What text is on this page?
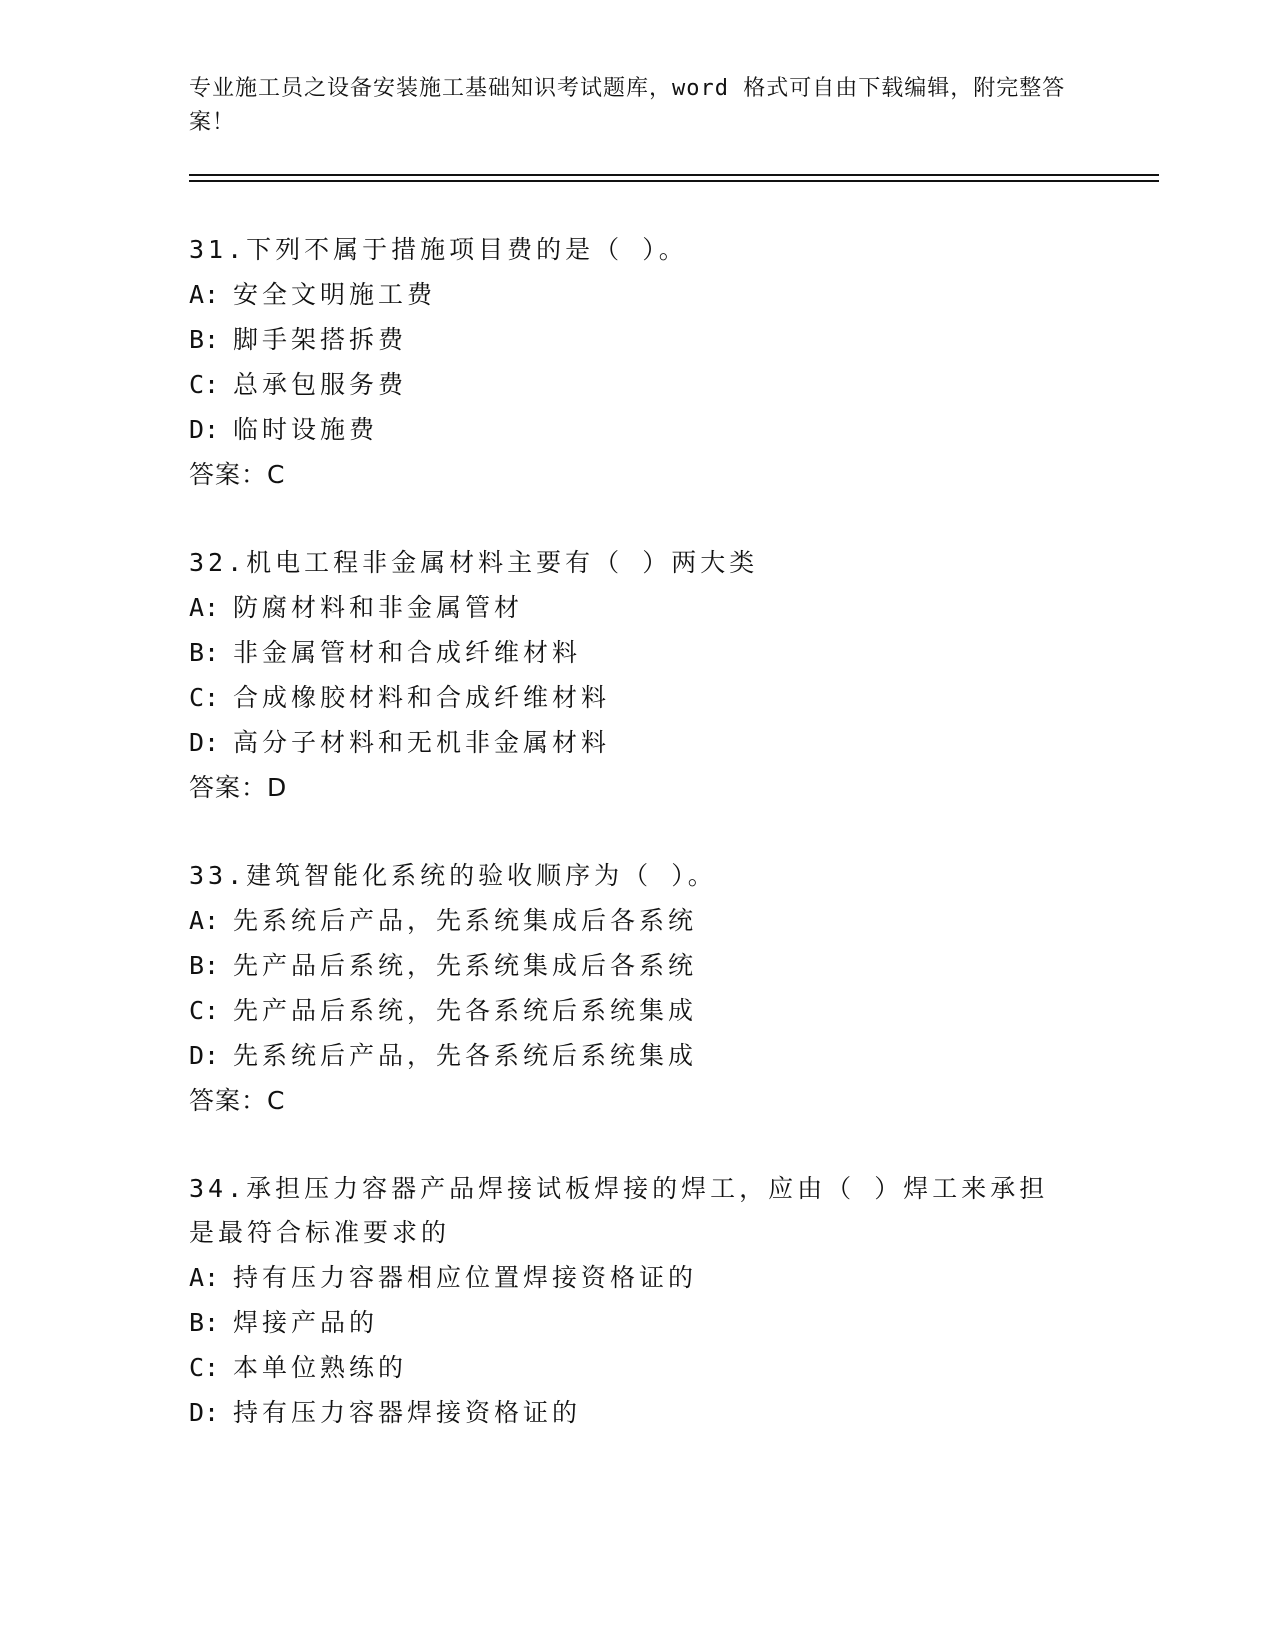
专业施工员之设备安装施工基础知识考试题库，word 格式可自由下载编辑，附完整答案！

31.下列不属于措施项目费的是（ ）。

A: 安全文明施工费

B: 脚手架搭拆费

C: 总承包服务费

D: 临时设施费

答案：C

32.机电工程非金属材料主要有（ ）两大类

A: 防腐材料和非金属管材

B: 非金属管材和合成纤维材料

C: 合成橡胶材料和合成纤维材料

D: 高分子材料和无机非金属材料

答案：D

33.建筑智能化系统的验收顺序为（ ）。

A: 先系统后产品，先系统集成后各系统

B: 先产品后系统，先系统集成后各系统

C: 先产品后系统，先各系统后系统集成

D: 先系统后产品，先各系统后系统集成

答案：C

34.承担压力容器产品焊接试板焊接的焊工，应由（ ）焊工来承担是最符合标准要求的

A: 持有压力容器相应位置焊接资格证的

B: 焊接产品的

C: 本单位熟练的

D: 持有压力容器焊接资格证的
